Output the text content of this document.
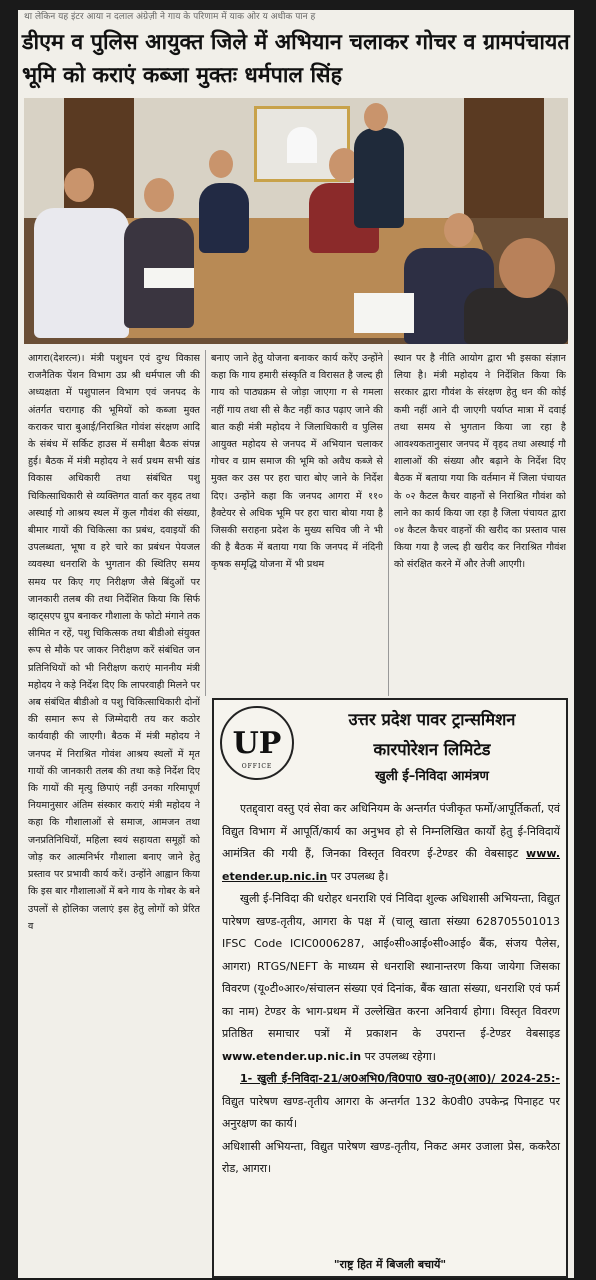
था लेकिन यह इंटर आया न दलाल अंग्रेज़ी ने गाय के परिणाम में याक ओर य अधीक पान ह
डीएम व पुलिस आयुक्त जिले में अभियान चलाकर गोचर व ग्रामपंचायत भूमि को कराएं कब्जा मुक्तः धर्मपाल सिंह
आगरा(देशरत्न)। मंत्री पशुधन एवं दुग्ध विकास राजनैतिक पेंशन विभाग उप्र श्री धर्मपाल जी की अध्यक्षता में पशुपालन विभाग एवं जनपद के अंतर्गत चरागाह की भूमियों को कब्जा मुक्त कराकर चारा बुआई/निराश्रित गोवंश संरक्षण आदि के संबंध में सर्किट हाउस में समीक्षा बैठक संपन्न हुई। बैठक में मंत्री महोदय ने सर्व प्रथम सभी खंड विकास अधिकारी तथा संबंधित पशु चिकित्साधिकारी से व्यक्तिगत वार्ता कर वृहद तथा अस्थाई गो आश्रय स्थल में कुल गौवंश की संख्या, बीमार गायों की चिकित्सा का प्रबंध, दवाइयों की उपलब्धता, भूषा व हरे चारे का प्रबंधन पेयजल व्यवस्था धनराशि के भुगतान की स्थितिए समय समय पर किए गए निरीक्षण जैसे बिंदुओं पर जानकारी तलब की तथा निर्देशित किया कि सिर्फ व्हाट्सएप ग्रुप बनाकर गौशाला के फोटो मंगाने तक सीमित न रहें, पशु चिकित्सक तथा बीडीओ संयुक्त रूप से मौके पर जाकर निरीक्षण करें संबंधित जन प्रतिनिधियों को भी निरीक्षण कराएं माननीय मंत्री महोदय ने कड़े निर्देश दिए कि लापरवाही मिलने पर अब संबंधित बीडीओ व पशु चिकित्साधिकारी दोनों की समान रूप से जिम्मेदारी तय कर कठोर कार्यवाही की जाएगी। बैठक में मंत्री महोदय ने जनपद में निराश्रित गोवंश आश्रय स्थलों में मृत गायों की जानकारी तलब की तथा कड़े निर्देश दिए कि गायों की मृत्यु छिपाएं नहीं उनका गरिमापूर्ण नियमानुसार अंतिम संस्कार कराएं मंत्री महोदय ने कहा कि गौशालाओं से समाज, आमजन तथा जनप्रतिनिधियों, महिला स्वयं सहायता समूहों को जोड़ कर आत्मनिर्भर गौशाला बनाए जाने हेतु प्रस्ताव पर प्रभावी कार्य करें। उन्होंने आह्वान किया कि इस बार गौशालाओं में बने गाय के गोबर के बने उपलों से होलिका जलाएं इस हेतु लोगों को प्रेरित व
बनाए जाने हेतु योजना बनाकर कार्य करेंए उन्होंने कहा कि गाय हमारी संस्कृति व विरासत है जल्द ही गाय को पाठ्यक्रम से जोड़ा जाएगा ग से गमला नहीं गाय तथा सी से कैट नहीं काउ पढ़ाए जाने की बात कही मंत्री महोदय ने जिलाधिकारी व पुलिस आयुक्त महोदय से जनपद में अभियान चलाकर गोचर व ग्राम समाज की भूमि को अवैध कब्जे से मुक्त कर उस पर हरा चारा बोए जाने के निर्देश दिए। उन्होंने कहा कि जनपद आगरा में ११० हैक्टेयर से अधिक भूमि पर हरा चारा बोया गया है जिसकी सराहना प्रदेश के मुख्य सचिव जी ने भी की है बैठक में बताया गया कि जनपद में नंदिनी कृषक समृद्धि योजना में भी प्रथम
स्थान पर है नीति आयोग द्वारा भी इसका संज्ञान लिया है। मंत्री महोदय ने निर्देशित किया कि सरकार द्वारा गौवंश के संरक्षण हेतु धन की कोई कमी नहीं आने दी जाएगी पर्याप्त मात्रा में दवाई तथा समय से भुगतान किया जा रहा है आवश्यकतानुसार जनपद में वृहद तथा अस्थाई गौ शालाओं की संख्या और बढ़ाने के निर्देश दिए बैठक में बताया गया कि वर्तमान में जिला पंचायत के ०२ कैटल कैचर वाहनों से निराश्रित गौवंश को लाने का कार्य किया जा रहा है जिला पंचायत द्वारा ०४ कैटल कैचर वाहनों की खरीद का प्रस्ताव पास किया गया है जल्द ही खरीद कर निराश्रित गौवंश को संरक्षित करने में और तेजी आएगी।
UP
OFFICE
उत्तर प्रदेश पावर ट्रान्समिशन
कारपोरेशन लिमिटेड
खुली ई–निविदा आमंत्रण

एतद्द्वारा वस्तु एवं सेवा कर अधिनियम के अन्तर्गत पंजीकृत फर्मो/आपूर्तिकर्ता, एवं विद्युत विभाग में आपूर्ति/कार्य का अनुभव हो से निम्नलिखित कार्यों हेतु ई-निविदायें आमंत्रित की गयी हैं, जिनका विस्तृत विवरण ई-टेण्डर की वेबसाइट www. etender.up.nic.in पर उपलब्ध है।

खुली ई-निविदा की धरोहर धनराशि एवं निविदा शुल्क अधिशासी अभियन्ता, विद्युत पारेषण खण्ड-तृतीय, आगरा के पक्ष में (चालू खाता संख्या 628705501013 IFSC Code ICIC0006287, आई०सी०आई०सी०आई० बैंक, संजय पैलेस, आगरा) RTGS/NEFT के माध्यम से धनराशि स्थानान्तरण किया जायेगा जिसका विवरण (यू०टी०आर०/संचालन संख्या एवं दिनांक, बैंक खाता संख्या, धनराशि एवं फर्म का नाम) टेण्डर के भाग-प्रथम में उल्लेखित करना अनिवार्य होगा। विस्तृत विवरण प्रतिष्ठित समाचार पत्रों में प्रकाशन के उपरान्त ई-टेण्डर वेबसाइड www.etender.up.nic.in पर उपलब्ध रहेगा।

1- खुली ई-निविदा-21/अ0अभि0/वि0पा0 ख0-तृ0(आ0)/ 2024-25:- विद्युत पारेषण खण्ड-तृतीय आगरा के अन्तर्गत 132 के0वी0 उपकेन्द्र पिनाहट पर अनुरक्षण का कार्य।

अधिशासी अभियन्ता, विद्युत पारेषण खण्ड-तृतीय, निकट अमर उजाला प्रेस, ककरैठा रोड, आगरा।

"राष्ट्र हित में बिजली बचायें"
